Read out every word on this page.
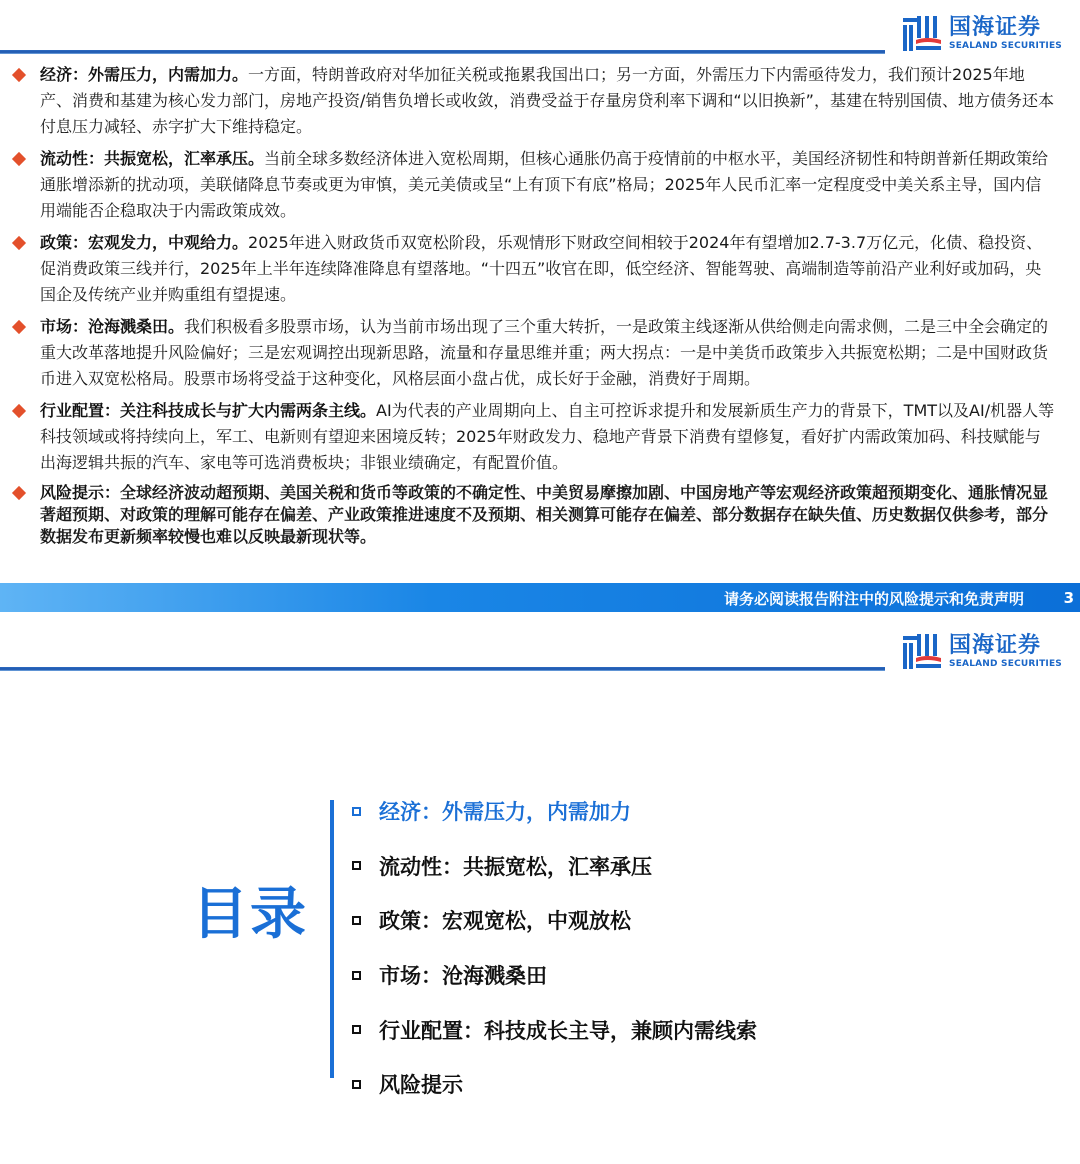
国海证券
SEALAND SECURITIES
经济：外需压力，内需加力。一方面，特朗普政府对华加征关税或拖累我国出口；另一方面，外需压力下内需亟待发力，我们预计2025年地产、消费和基建为核心发力部门，房地产投资/销售负增长或收敛，消费受益于存量房贷利率下调和“以旧换新”，基建在特别国债、地方债务还本付息压力减轻、赤字扩大下维持稳定。
流动性：共振宽松，汇率承压。当前全球多数经济体进入宽松周期，但核心通胀仍高于疫情前的中枢水平，美国经济韧性和特朗普新任期政策给通胀增添新的扰动项，美联储降息节奏或更为审慎，美元美债或呈“上有顶下有底”格局；2025年人民币汇率一定程度受中美关系主导，国内信用端能否企稳取决于内需政策成效。
政策：宏观发力，中观给力。2025年进入财政货币双宽松阶段，乐观情形下财政空间相较于2024年有望增加2.7-3.7万亿元，化债、稳投资、促消费政策三线并行，2025年上半年连续降准降息有望落地。“十四五”收官在即，低空经济、智能驾驶、高端制造等前沿产业利好或加码，央国企及传统产业并购重组有望提速。
市场：沧海溅桑田。我们积极看多股票市场，认为当前市场出现了三个重大转折，一是政策主线逐渐从供给侧走向需求侧，二是三中全会确定的重大改革落地提升风险偏好；三是宏观调控出现新思路，流量和存量思维并重；两大拐点：一是中美货币政策步入共振宽松期；二是中国财政货币进入双宽松格局。股票市场将受益于这种变化，风格层面小盘占优，成长好于金融，消费好于周期。
行业配置：关注科技成长与扩大内需两条主线。AI为代表的产业周期向上、自主可控诉求提升和发展新质生产力的背景下，TMT以及AI/机器人等科技领域或将持续向上，军工、电新则有望迎来困境反转；2025年财政发力、稳地产背景下消费有望修复，看好扩内需政策加码、科技赋能与出海逻辑共振的汽车、家电等可选消费板块；非银业绩确定，有配置价值。
风险提示：全球经济波动超预期、美国关税和货币等政策的不确定性、中美贸易摩擦加剧、中国房地产等宏观经济政策超预期变化、通胀情况显著超预期、对政策的理解可能存在偏差、产业政策推进速度不及预期、相关测算可能存在偏差、部分数据存在缺失值、历史数据仅供参考，部分数据发布更新频率较慢也难以反映最新现状等。
请务必阅读报告附注中的风险提示和免责声明	3
国海证券
SEALAND SECURITIES
目录
经济：外需压力，内需加力
流动性：共振宽松，汇率承压
政策：宏观宽松，中观放松
市场：沧海溅桑田
行业配置：科技成长主导，兼顾内需线索
风险提示
